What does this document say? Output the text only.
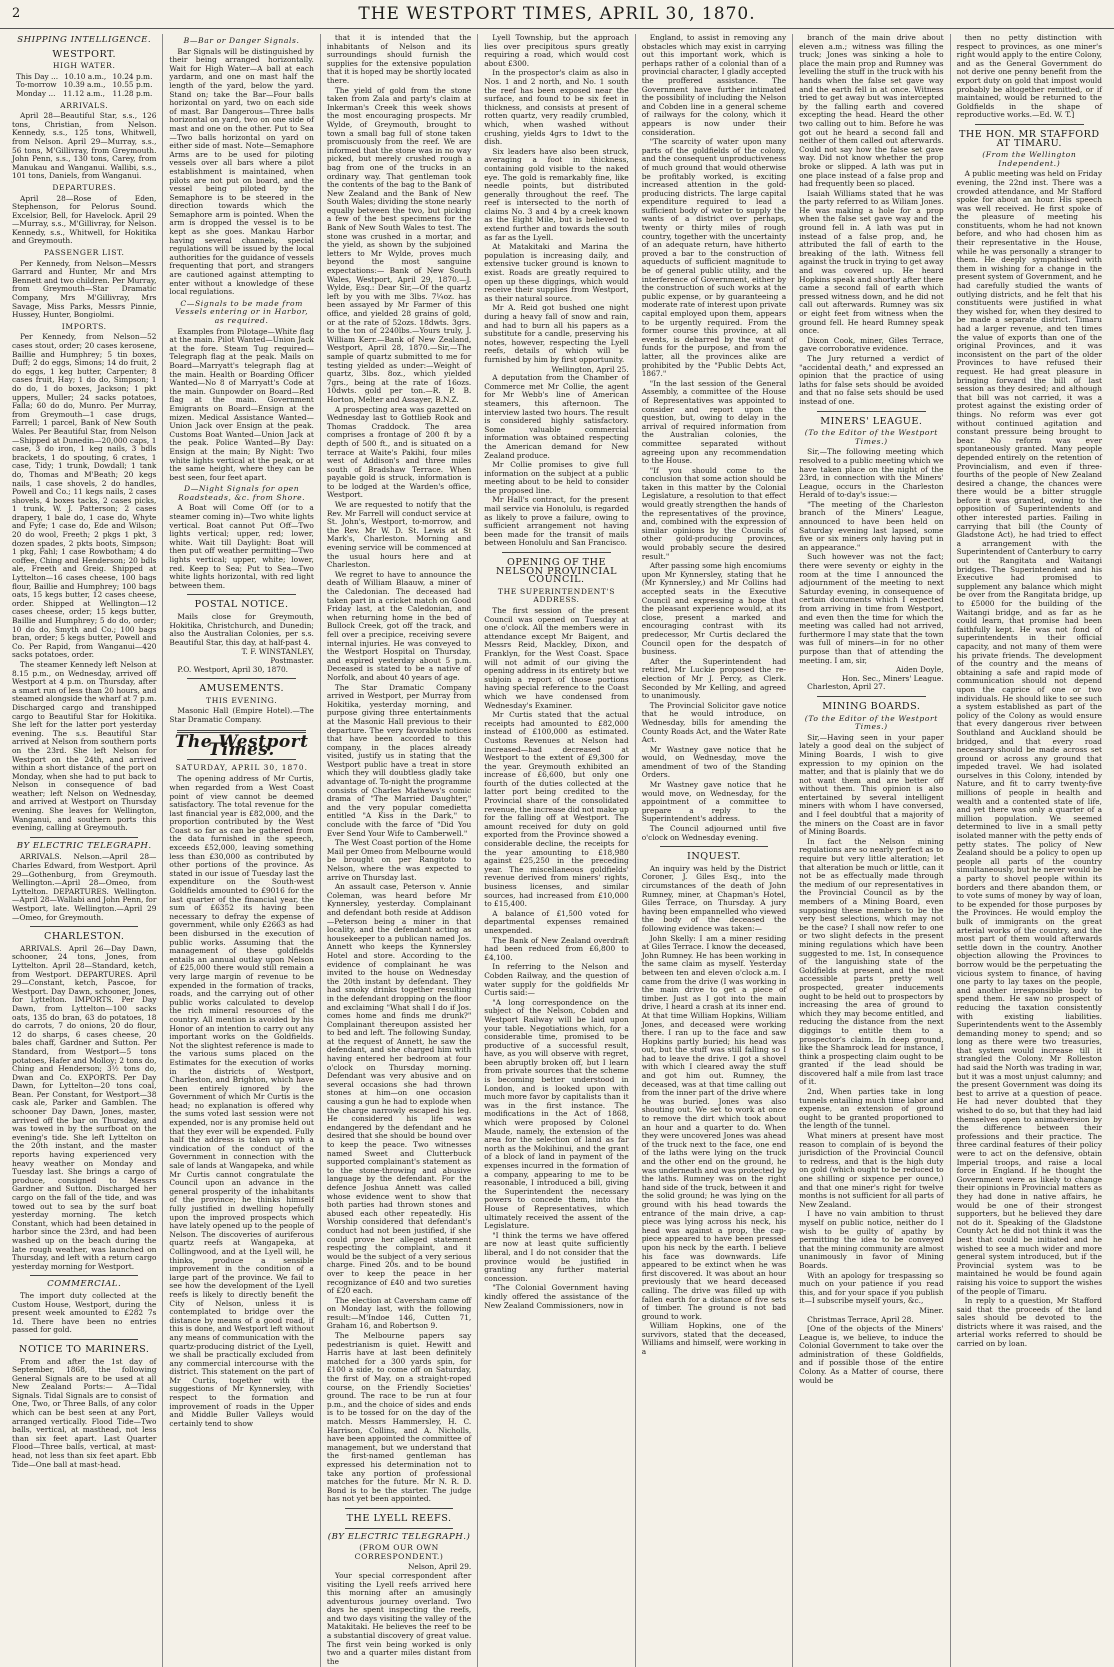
2	THE WESTPORT TIMES, APRIL 30, 1870.
SHIPPING INTELLIGENCE.
WESTPORT.
HIGH WATER.
This Day ... 10.10 a.m., 10.24 p.m.
To-morrow 10.39 a.m., 10.55 p.m.
Monday ... 11.12 a.m., 11.28 p.m.
ARRIVALS.

April 28—Beautiful Star, s.s., 126 tons, Christian, from Nelson. Kennedy, s.s., 125 tons, Whitwell, from Nelson. April 29—Murray, s.s., 56 tons, M'Gillivray, from Greymouth. John Penn, s.s., 130 tons, Carey, from Manukau and Wanganui. Wallibi, s.s., 101 tons, Daniels, from Wanganui.

DEPARTURES.

April 28—Rose of Eden, Stephenson, for Pelorus Sound. Excelsior, Bell, for Havelock. April 29—Murray, s.s., M'Gillivray, for Nelson. Kennedy, s.s., Whitwell, for Hokitika and Greymouth.

PASSENGER LIST.

Per Kennedy, from Nelson—Messrs Garrard and Hunter, Mr and Mrs Bennett and two children. Per Murray, from Greymouth—Star Dramatic Company, Mrs M'Gillivray, Mrs Savage, Miss Parks, Messrs Pinnie, Hussey, Hunter, Bongiolmi.

IMPORTS.

Per Kennedy, from Nelson—52 cases stout, order; 20 cases kerosene, Baillie and Humphrey; 5 tin boxes, Duff; 2 do eggs, Simons; 14 do fruit, 2 do eggs, 1 keg butter, Carpenter; 8 cases fruit, Hay; 1 do do, Simpson; 1 do do, 1 do boxes, Jackson; 1 pkt uppers, Muller; 24 sacks potatoes, Falla; 60 do do, Munro. Per Murray, from Greymouth—1 case drugs, Farrell; 1 parcel, Bank of New South Wales. Per Beautiful Star, from Nelson—Shipped at Dunedin—20,000 caps, 1 case, 3 do iron, 1 keg nails, 3 bdls brackets, 1 do spouting, 6 crates, 1 case, Tidy; 1 trunk, Dowdall; 1 tank do, Thomas and M'Beath; 20 kegs nails, 1 case shovels, 2 do handles, Powell and Co.; 11 kegs nails, 2 cases shovels, 4 boxes tacks, 2 cases picks, 1 trunk, W. J. Patterson; 2 cases drapery, 1 bale do, 1 case do, Whyte and Fyfe; 1 case do, Ede and Wilson; 20 do wool, Freeth; 2 pkgs 1 pkt, 3 dozen spades, 2 pkts boots, Simpson; 1 pkg, Fahl; 1 case Rowbotham; 4 do coffee, Ching and Henderson; 20 bdls ale, Freeth and Greig. Shipped at Lyttelton—16 cases cheese, 100 bags flour, Baillie and Humphrey; 100 bags oats, 15 kegs butter, 12 cases cheese, order. Shipped at Wellington—12 cases cheese, order; 15 kegs butter, Baillie and Humphrey; 5 do do, order; 10 do do, Smyth and Co.; 100 bags bran, order; 5 kegs butter, Powell and Co. Per Rapid, from Wanganui—420 sacks potatoes, order.

The steamer Kennedy left Nelson at 8.15 p.m., on Wednesday, arrived off Westport at 4 p.m. on Thursday, after a smart run of less than 20 hours, and steamed alongside the wharf at 7 p.m. Discharged cargo and transhipped cargo to Beautiful Star for Hokitika. She left for the latter port yesterday evening. The s.s. Beautiful Star arrived at Nelson from southern ports on the 23rd. She left Nelson for Westport on the 24th, and arrived within a short distance of the port on Monday, when she had to put back to Nelson in consequence of bad weather; left Nelson on Wednesday, and arrived at Westport on Thursday evening. She leaves for Wellington, Wanganui, and southern ports this evening, calling at Greymouth.

BY ELECTRIC TELEGRAPH.

ARRIVALS. Nelson.—April 28—Charles Edward, from Westport. April 29—Gothenburg, from Greymouth. Wellington.—April 28—Omeo, from Lyttelton. DEPARTURES. Wellington.—April 28—Wallabi and John Penn, for Westport, late. Wellington.—April 29—Omeo, for Greymouth.

CHARLESTON.

ARRIVALS. April 26—Day Dawn, schooner, 24 tons, Jones, from Lyttelton. April 28—Standard, ketch, from Westport. DEPARTURES. April 29—Constant, ketch, Pascoe, for Westport. Day Dawn, schooner, Jones, for Lyttelton. IMPORTS. Per Day Dawn, from Lyttelton—100 sacks oats, 135 do bran, 63 do potatoes, 18 do carrots, 7 do onions, 20 do flour, 12 do sharps, 6 cases cheese, 20 bales chaff, Gardner and Sutton. Per Standard, from Westport—5 tons potatoes, Hafer and Molloy; 2 tons do, Ching and Henderson; 3½ tons do, Dwan and Co. EXPORTS. Per Day Dawn, for Lyttelton—20 tons coal, Bean. Per Constant, for Westport—38 cask ale, Parker and Gamblen. The schooner Day Dawn, Jones, master, arrived off the bar on Thursday, and was towed in by the surfboat on the evening's tide. She left Lyttelton on the 20th instant, and the master reports having experienced very heavy weather on Monday and Tuesday last. She brings a cargo of produce, consigned to Messrs Gardner and Sutton. Discharged her cargo on the fall of the tide, and was towed out to sea by the surf boat yesterday morning. The ketch Constant, which had been detained in harbor since the 23rd, and had been washed up on the beach during the late rough weather, was launched on Thursday, and left with a return cargo yesterday morning for Westport.

COMMERCIAL.

The import duty collected at the Custom House, Westport, during the present week amounted to £282 7s 1d. There have been no entries passed for gold.

NOTICE TO MARINERS.

From and after the 1st day of September, 1868, the following General Signals are to be used at all New Zealand Ports:— A—Tidal Signals. Tidal Signals are to consist of One, Two, or Three Balls, of any color which can be best seen at any Port, arranged vertically. Flood Tide—Two balls, vertical, at masthead, not less than six feet apart. Last Quarter Flood—Three balls, vertical, at mast-head, not less than six feet apart. Ebb Tide—One ball at mast-head.

B—Bar or Danger Signals.

Bar Signals will be distinguished by their being arranged horizontally. Wait for High Water—A ball at each yardarm, and one on mast half the length of the yard, below the yard. Stand on; take the Bar—Four balls horizontal on yard, two on each side of mast. Bar Dangerous—Three balls horizontal on yard, two on one side of mast and one on the other. Put to Sea—Two balls horizontal on yard on either side of mast. Note—Semaphore Arms are to be used for piloting vessels over all bars where a pilot establishment is maintained, when pilots are not put on board, and the vessel being piloted by the Semaphore is to be steered in the direction towards which the Semaphore arm is pointed. When the arm is dropped the vessel is to be kept as she goes. Mankau Harbor having several channels, special regulations will be issued by the local authorities for the guidance of vessels frequenting that port, and strangers are cautioned against attempting to enter without a knowledge of these local regulations.

C—Signals to be made from Vessels entering or in Harbor, as required.

Examples from Pilotage—White flag at the main. Pilot Wanted—Union Jack at the fore. Steam Tug required—Telegraph flag at the peak. Mails on Board—Marryatt's telegraph flag at the main. Health or Boarding Officer Wanted—No 8 of Marryatt's Code at the main. Gunpowder on Board—Red flag at the main. Government Emigrants on Board—Ensign at the mizen. Medical Assistance Wanted—Union Jack over Ensign at the peak. Customs Boat Wanted—Union Jack at the peak. Police Wanted—By Day: Ensign at the main; By Night: Two white lights vertical at the peak, or at the same height, where they can be best seen, four feet apart.

D—Night Signals for open Roadsteads, &c. from Shore.

A Boat will Come Off (or to a steamer coming in)—Two white lights vertical. Boat cannot Put Off—Two lights vertical; upper, red; lower, white. Wait till Daylight: Boat will then put off weather permitting—Two lights vertical; upper, white; lower, red. Keep to Sea; Put to Sea—Two white lights horizontal, with red light between them.

POSTAL NOTICE.

Mails close for Greymouth, Hokitika, Christchurch, and Dunedin; also the Australian Colonies, per s.s. Beautiful Star, this day, at half-past 4.

T. F. WINSTANLEY,
Postmaster.

P.O. Westport, April 30, 1870.

AMUSEMENTS.
THIS EVENING.

Masonic Hall (Empire Hotel).—The Star Dramatic Company.

The Westport Times.
SATURDAY, APRIL 30, 1870.

The opening address of Mr Curtis, when regarded from a West Coast point of view cannot be deemed satisfactory. The total revenue for the last financial year is £82,000, and the proportion contributed by the West Coast so far as can be gathered from the data furnished in the speech, exceeds £52,000, leaving something less than £30,000 as contributed by other portions of the province. As stated in our issue of Tuesday last the expenditure on the South-west Goldfields amounted to £9016 for the last quarter of the financial year, the sum of £6352 its having been necessary to defray the expense of government, while only £2663 as had been disbursed in the execution of public works. Assuming that the management of these goldfields entails an annual outlay upon Nelson of £25,000 there would still remain a very large margin of revenue to be expended in the formation of tracks, roads, and the carrying out of other public works calculated to develop the rich mineral resources of the country. All mention is avoided by his Honor of an intention to carry out any important works on the Goldfields. Not the slightest reference is made to the various sums placed on the Estimates for the execution of works in the districts of Westport, Charleston, and Brighton, which have been entirely ignored by the Government of which Mr Curtis is the head; no explanation is offered why the sums voted last session were not expended, nor is any promise held out that they ever will be expended. Fully half the address is taken up with a vindication of the conduct of the Government in connection with the sale of lands at Wangapeka, and while Mr Curtis cannot congratulate the Council upon an advance in the general prosperity of the inhabitants of the province; he thinks himself fully justified in dwelling hopefully upon the improved prospects which have lately opened up to the people of Nelson. The discoveries of auriferous quartz reefs at Wangapeka, at Collingwood, and at the Lyell will, he thinks, produce a sensible improvement in the condition of a large part of the province. We fail to see how the development of the Lyell reefs is likely to directly benefit the City of Nelson, unless it is contemplated to bridge over the distance by means of a good road, if this is done, and Westport left without any means of communication with the quartz-producing district of the Lyell, we shall be practically excluded from any commercial intercourse with the district. This statement on the part of Mr Curtis, together with the suggestions of Mr Kynnersley, with respect to the formation and improvement of roads in the Upper and Middle Buller Valleys would certainly tend to show

that it is intended that the inhabitants of Nelson and its surroundings should furnish the supplies for the extensive population that it is hoped may be shortly located there.

The yield of gold from the stone taken from Zala and party's claim at Inkerman's Creek this week shows the most encouraging prospects. Mr Wylde, of Greymouth, brought to town a small bag full of stone taken promiscuously from the reef. We are informed that the stone was in no way picked, but merely crushed rough a bag from one of the trucks in an ordinary way. That gentleman took the contents of the bag to the Bank of New Zealand and the Bank of New South Wales; dividing the stone nearly equally between the two, but picking a few of the best specimens for the Bank of New South Wales to test. The stone was crushed in a mortar, and the yield, as shown by the subjoined letters to Mr Wylde, proves much beyond the most sanguine expectations:— Bank of New South Wales, Westport, April 29, 1870.—J. Wylde, Esq.: Dear Sir,—Of the quartz left by you with me 3lbs. 7¼oz. has been assayed by Mr Farmer of this office, and yielded 28 grains of gold, or at the rate of 52ozs. 18dwts. 3grs. to the ton of 2240lbs.—Yours truly, J. William Kerr.—Bank of New Zealand, Westport, April 28, 1870.—Sir,—The sample of quartz submitted to me for testing yielded as under:—Weight of quartz, 3lbs. 8oz., which yielded 7grs., being at the rate of 16ozs. 10dwts. gold per ton.—R. P. B. Horton, Melter and Assayer, B.N.Z.

A prospecting area was gazetted on Wednesday last to Gottlieb Rook and Thomas Craddock. The area comprises a frontage of 200 ft by a depth of 500 ft., and is situated on a terrace at Waite's Pakihi, four miles west of Addison's and three miles south of Bradshaw Terrace. When payable gold is struck, information is to be lodged at the Warden's office, Westport.

We are requested to notify that the Rev. Mr Farrell will conduct service at St. John's, Westport, to-morrow, and the Rev. Mr W. D. St. Lewis at St Mark's, Charleston. Morning and evening service will be commenced at the usual hours here and at Charleston.

We regret to have to announce the death of William Blaauw, a miner of the Caledonian. The deceased had taken part in a cricket match on Good Friday last, at the Caledonian, and when returning home in the bed of Bullock Creek, got off the track, and fell over a precipice, receiving severe internal injuries. He was conveyed to the Westport Hospital on Thursday, and expired yesterday about 5 p.m. Deceased is stated to be a native of Norfolk, and about 40 years of age.

The Star Dramatic Company arrived in Westport, per Murray from Hokitika, yesterday morning, and purpose giving three entertainments at the Masonic Hall previous to their departure. The very favorable notices that have been accorded to this company, in the places already visited, justify us in stating that the Westport public have a treat in store which they will doubtless gladly take advantage of. To-night the programme consists of Charles Mathews's comic drama of "The Married Daughter," and the very popular comedietta entitled "A Kiss in the Dark," to conclude with the farce of "Did You Ever Send Your Wife to Camberwell."

The West Coast portion of the Home Mail per Omeo from Melbourne would be brought on per Rangitoto to Nelson, where the was expected to arrive on Thursday last.

An assault case, Peterson v. Annie Coleman, was heard before Mr Kynnersley, yesterday. Complainant and defendant both reside at Addison—Peterson being a miner in that locality, and the defendant acting as housekeeper to a publican named Jos. Annett who keeps the Kynnersley Hotel and store. According to the evidence of complainant he was invited to the house on Wednesday the 20th instant by defendant. They had smoky drinks together resulting in the defendant dropping on the floor and exclaiming "What shall I do if Jos. comes home and finds me drunk?" Complainant thereupon assisted her to bed and left. The following Sunday, at the request of Annett, he saw the defendant, and she charged him with having entered her bedroom at four o'clock on Thursday morning. Defendant was very abusive and on several occasions she had thrown stones at him—on one occasion causing a gun he had to explode when the charge narrowly escaped his leg. He considered his life was endangered by the defendant and he desired that she should be bound over to keep the peace. Two witnesses named Sweet and Clutterbuck supported complainant's statement as to the stone-throwing and abusive language by the defendant. For the defence Joshua Annett was called whose evidence went to show that both parties had thrown stones and abused each other repeatedly. His Worship considered that defendant's conduct had not been justified, if she could prove her alleged statement respecting the complaint, and it would be the subject of a very serious charge. Fined 20s. and to be bound over to keep the peace in her recognizance of £40 and two sureties of £20 each.

The election at Caversham came off on Monday last, with the following result:—M'Indoe 146, Cutten 71, Graham 16, and Robertson 9.

The Melbourne papers say pedestrianism is quiet. Hewitt and Harris have at last been definitely matched for a 300 yards spin, for £100 a side, to come off on Saturday, the first of May, on a straight-roped course, on the Friendly Societies' ground. The race to be run at four p.m., and the choice of sides and ends is to be tossed for on the day of the match. Messrs Hammersley, H. C. Harrison, Collins, and A. Nicholls, have been appointed the committee of management, but we understand that the first-named gentleman has expressed his determination not to take any portion of professional matches for the future. Mr N. R. D. Bond is to be the starter. The judge has not yet been appointed.

THE LYELL REEFS.
(BY ELECTRIC TELEGRAPH.)
(FROM OUR OWN CORRESPONDENT.)
Nelson, April 29.

Your special correspondent after visiting the Lyell reefs arrived here this morning after an amusingly adventurous journey overland. Two days he spent inspecting the reefs, and two days visiting the valley of the Matakitaki. He believes the reef to be a substantial discovery of great value. The first vein being worked is only two and a quarter miles distant from the

Lyell Township, but the approach lies over precipitous spurs greatly requiring a road, which would cost about £300.

In the prospector's claim as also in Nos. 1 and 2 north, and No. 1 south the reef has been exposed near the surface, and found to be six feet in thickness, and consists at present of rotten quartz, very readily crumbled, which, when washed without crushing, yields 4grs to 1dwt to the dish.

Six leaders have also been struck, averaging a foot in thickness, containing gold visible to the naked eye. The gold is remarkably fine, like needle points, but distributed generally throughout the reef. The reef is intersected to the north of claims No. 3 and 4 by a creek known as the Eight Mile, but is believed to extend further and towards the south as far as the Lyell.

At Matakitaki and Marina the population is increasing daily, and extensive tucker ground is known to exist. Roads are greatly required to open up these diggings, which would receive their supplies from Westport, as their natural source.

Mr A. Reid got bushed one night during a heavy fall of snow and rain, and had to burn all his papers as a substitute for a candle, preserving his notes, however, respecting the Lyell reefs, details of which will be furnished by him by first opportunity.

Wellington, April 25.

A deputation from the Chamber of Commerce met Mr Collie, the agent for Mr Webb's line of American steamers, this afternoon. The interview lasted two hours. The result is considered highly satisfactory. Some valuable commercial information was obtained respecting the American demand for New Zealand produce.

Mr Collie promises to give full information on the subject at a public meeting about to be held to consider the proposed line.

Mr Hall's contract, for the present mail service via Honolulu, is regarded as likely to prove a failure, owing to sufficient arrangement not having been made for the transit of mails between Honolulu and San Francisco.

OPENING OF THE NELSON PROVINCIAL COUNCIL.
THE SUPERINTENDENT'S ADDRESS.

The first session of the present Council was opened on Tuesday at one o'clock. All the members were in attendance except Mr Baigent, and Messrs Reid, Mackley, Dixon, and Franklyn, for the West Coast. Space will not admit of our giving the opening address in its entirety but we subjoin a report of those portions having special reference to the Coast which we have condensed from Wednesday's Examiner.

Mr Curtis stated that the actual receipts had amounted to £82,000 instead of £100,000 as estimated. Customs Revenues at Nelson had increased—had decreased at Westport to the extent of £9,300 for the year. Greymouth exhibited an increase of £6,600, but only one fourth of the duties collected at the latter port being credited to the Provincial share of the consolidated revenue, the increase did not make up for the falling off at Westport. The amount received for duty on gold exported from the Province showed a considerable decline, the receipts for the year amounting to £18,980 against £25,250 in the preceding year. The miscellaneous goldfields' revenue derived from miners' rights, business licenses, and similar sources, had increased from £10,000 to £15,400.

A balance of £1,500 voted for departmental expenses remained unexpended.

The Bank of New Zealand overdraft had been reduced from £6,800 to £4,100.

In referring to the Nelson and Cobden Railway, and the question of water supply for the goldfields Mr Curtis said:—

"A long correspondence on the subject of the Nelson, Cobden and Westport Railway will be laid upon your table. Negotiations which, for a considerable time, promised to be productive of a successful result, have, as you will observe with regret, been abruptly broken off, but I learn from private sources that the scheme is becoming better understood in London, and is looked upon with much more favor by capitalists than it was in the first instance. The modifications in the Act of 1868, which were proposed by Colonel Maude, namely, the extension of the area for the selection of land as far north as the Mokihinui, and the grant of a block of land in payment of the expenses incurred in the formation of a company, appearing to me to be reasonable, I introduced a bill, giving the Superintendent the necessary powers to concede them, into the House of Representatives, which ultimately received the assent of the Legislature.

"I think the terms we have offered are now at least quite sufficiently liberal, and I do not consider that the province would be justified in granting any further material concession.

"The Colonial Government having kindly offered the assistance of the New Zealand Commissioners, now in

England, to assist in removing any obstacles which may exist in carrying out this important work, which is perhaps rather of a colonial than of a provincial character, I gladly accepted the proffered assistance. The Government have further intimated the possibility of including the Nelson and Cobden line in a general scheme of railways for the colony, which it appears is now under their consideration.

"The scarcity of water upon many parts of the goldfields of the colony, and the consequent unproductiveness of much ground that would otherwise be profitably worked, is exciting increased attention in the gold-producing districts. The large capital expenditure required to lead a sufficient body of water to supply the wants of a district over perhaps, twenty or thirty miles of rough country, together with the uncertainty of an adequate return, have hitherto proved a bar to the construction of aqueducts of sufficient magnitude to be of general public utility, and the interference of Government, either by the construction of such works at the public expense, or by guaranteeing a moderate rate of interest upon private capital employed upon them, appears to be urgently required. From the former course this province, at all events, is debarred by the want of funds for the purpose, and from the latter, all the provinces alike are prohibited by the "Public Debts Act, 1867."

"In the last session of the General Assembly, a committee of the House of Representatives was appointed to consider and report upon the question, but, owing to delay in the arrival of required information from the Australian colonies, the committee separated without agreeing upon any recommendation to the House.

"If you should come to the conclusion that some action should be taken in this matter by the Colonial Legislature, a resolution to that effect would greatly strengthen the hands of the representatives of the province, and, combined with the expression of similar opinions by the Councils of other gold-producing provinces, would probably secure the desired result."

After passing some high encomiums upon Mr Kynnersley, stating that he (Mr Kynnersley,) and Mr Collins had accepted seats in the Executive Council and expressing a hope that the pleasant experience would, at its close, present a marked and encouraging contrast with its predecessor, Mr Curtis declared the Council open for the despatch of business.

After the Superintendent had retired, Mr Luckie proposed the re-election of Mr J. Percy, as Clerk. Seconded by Mr Kelling, and agreed to unanimously.

The Provincial Solicitor gave notice that he would introduce, on Wednesday, bills for amending the County Roads Act, and the Water Rate Act.

Mr Wastney gave notice that he would, on Wednesday, move the amendment of two of the Standing Orders.

Mr Wastney gave notice that he would move, on Wednesday, for the appointment of a committee to prepare a reply to the Superintendent's address.

The Council adjourned until five o'clock on Wednesday evening.

INQUEST.

An inquiry was held by the District Coroner, J. Giles Esq., into the circumstances of the death of John Rumney, miner, at Chapman's Hotel, Giles Terrace, on Thursday. A jury having been empannelled who viewed the body of the deceased the following evidence was taken:—

John Skelly: I am a miner residing at Giles Terrace. I know the deceased, John Rumney. He has been working in the same claim as myself. Yesterday between ten and eleven o'clock a.m. I came from the drive (I was working in the main drive to get a piece of timber. Just as I got into the main drive, I heard a crash at its inner end. At that time William Hopkins, William Jones, and deceased were working there. I ran up to the face and saw Hopkins partly buried; his head was out, but the stuff was still falling so I had to leave the drive. I got a shovel with which I cleared away the stuff and got him out. Rumney, the deceased, was at that time calling out from the inner part of the drive where he was buried. Jones was also shouting out. We set to work at once to remove the dirt which took about an hour and a quarter to do. When they were uncovered Jones was ahead of the truck next to the face, one end of the laths were lying on the truck and the other end on the ground, he was underneath and was protected by the laths. Rumney was on the right hand side of the truck, between it and the solid ground; he was lying on the ground with his head towards the entrance of the main drive, a cap-piece was lying across his neck, his head was against a prop, the cap-piece appeared to have been pressed upon his neck by the earth. I believe his face was downwards. Life appeared to be extinct when he was first discovered. It was about an hour previously that we heard deceased calling. The drive was filled up with fallen earth for a distance of five sets of timber. The ground is not bad ground to work.

William Hopkins, one of the survivors, stated that the deceased, Williams and himself, were working in a

branch of the main drive about eleven a.m.; witness was filling the truck; Jones was sinking a hole to place the main prop and Rumney was levelling the stuff in the truck with his hands when the false set gave way and the earth fell in at once. Witness tried to get away but was intercepted by the falling earth and covered excepting the head. Heard the other two calling out to him. Before he was got out he heard a second fall and neither of them called out afterwards. Could not say how the false set gave way. Did not know whether the prop broke or slipped. A lath was put in one place instead of a false prop and had frequently been so placed.

Isaiah Williams stated that he was the party referred to as Wiliam Jones. He was making a hole for a prop when the false set gave way and the ground fell in. A lath was put in instead of a false prop, and, he attributed the fall of earth to the breaking of the lath. Witness fell against the truck in trying to get away and was covered up. He heard Hopkins speak and shortly after there came a second fall of earth which pressed witness down, and he did not call out afterwards. Rumney was six or eight feet from witness when the ground fell. He heard Rumney speak once.

Dixon Cook, miner, Giles Terrace, gave corroborative evidence.

The Jury returned a verdict of "accidental death," and expressed an opinion that the practice of using laths for false sets should be avoided and that no false sets should be used instead of one.

MINERS' LEAGUE.
(To the Editor of the Westport Times.)

Sir,—The following meeting which resolved to a public meeting which we have taken place on the night of the 23rd, in connection with the Miners' League, occurs in the Charleston Herald of to-day's issue:—

"The meeting of the Charleston branch of the Miners' League, announced to have been held on Saturday evening last lapsed, some five or six miners only having put in an appearance."

Such however was not the fact; there were seventy or eighty in the room at the time I announced the adjournment of the meeting to next Saturday evening, in consequence of certain documents which I expected from arriving in time from Westport, and even then the time for which the meeting was called had not arrived, furthermore I may state that the town was full of miners—in for no other purpose than that of attending the meeting. I am, sir,

Aiden Doyle,
Hon. Sec., Miners' League.

Charleston, April 27.

MINING BOARDS.
(To the Editor of the Westport Times.)

Sir,—Having seen in your paper lately a good deal on the subject of Mining Boards, I wish to give expression to my opinion on the matter, and that is plainly that we do not want them and are better off without them. This opinion is also entertained by several intelligent miners with whom I have conversed, and I feel doubtful that a majority of the miners on the Coast are in favor of Mining Boards.

In fact the Nelson mining regulations are so nearly perfect as to require but very little alteration; let that alteration be much or little, can it not be as effectually made through the medium of our representatives in the Provincial Council as by the members of a Mining Board, even supposing these members to be the very best selections, which may not be the case? I shall now refer to one or two slight defects in the present mining regulations which have been suggested to me. 1st, In consequence of the languishing state of the Goldfields at present, and the most accessible parts pretty well prospected, greater inducements ought to be held out to prospectors by increasing the area of ground to which they may become entitled, and reducing the distance from the next diggings to entitle them to a prospector's claim. In deep ground, like the Shamrock lead for instance, I think a prospecting claim ought to be granted if the lead should be discovered half a mile from last trace of it.

2nd, When parties take in long tunnels entailing much time labor and expense, an extension of ground ought to be granted proportioned to the length of the tunnel.

What miners at present have most reason to complain of is beyond the jurisdiction of the Provincial Council to redress, and that is the high duty on gold (which ought to be reduced to one shilling or sixpence per ounce,) and that one miner's right for twelve months is not sufficient for all parts of New Zealand.

I have no vain ambition to thrust myself on public notice, neither do I wish to be guilty of apathy by permitting the idea to be conveyed that the mining community are almost unanimously in favor of Mining Boards.

With an apology for trespassing so much on your patience if you read this, and for your space if you publish it—I subscribe myself yours, &c.,

Miner.

Christmas Terrace, April 28.

[One of the objects of the Miners' League is, we believe, to induce the Colonial Government to take over the administration of these Goldfields, and if possible those of the entire Colony. As a Matter of course, there would be

then no petty distinction with respect to provinces, as one miner's right would apply to the entire Colony, and as the General Government do not derive one penny benefit from the export duty on gold that impost would probably be altogether remitted, or if maintained, would be returned to the Goldfields in the shape of reproductive works.—Ed. W. T.]

THE HON. MR STAFFORD AT TIMARU.
(From the Wellington Independent.)

A public meeting was held on Friday evening, the 22nd inst. There was a crowded attendance, and Mr Stafford spoke for about an hour. His speech was well received. He first spoke of the pleasure of meeting his constituents, whom he had not known before, and who had chosen him as their representative in the House, while he was personally a stranger to them. He deeply sympathised with them in wishing for a change in the present system of Government, and he had carefully studied the wants of outlying districts, and he felt that his constituents were justified in what they wished for, when they desired to be made a separate district. Timaru had a larger revenue, and ten times the value of exports than one of the original Provinces, and it was inconsistent on the part of the older Provinces to have refused their request. He had great pleasure in bringing forward the bill of last session as they desired; and although that bill was not carried, it was a protest against the existing order of things. No reform was ever got without continued agitation and constant pressure being brought to bear. No reform was ever spontaneously granted. Many people depended entirely on the retention of Provincialism, and even if three-fourths of the people of New Zealand desired a change, the chances were there would be a bitter struggle before it was granted, owing to the opposition of Superintendents and other interested parties. Failing in carrying that bill (the County of Gladstone Act), he had tried to effect a arrangement with the Superintendent of Canterbury to carry out the Rangitata and Waitangi bridges. The Superintendent and his Executive had promised to supplement any balance which might be over from the Rangitata bridge, up to £5000 for the building of the Waitangi bridge, and as far as he could learn, that promise had been faithfully kept. He was not fond of superintendents in their official capacity, and not many of them were his private friends. The development of the country and the means of obtaining a safe and rapid mode of communication should not depend upon the caprice of one or two individuals. He should like to see such a system established as part of the policy of the Colony as would ensure that every dangerous river between Southland and Auckland should be bridged, and that every road necessary should be made across set ground or across any ground that impeded travel. We had isolated ourselves in this Colony, intended by Nature, and fit to carry twenty-five millions of people in health and wealth and a contented state of life, and yet there was only a quarter of a million population. We seemed determined to live in a small petty isolated manner with the petty ends of petty states. The policy of New Zealand should be a policy to open up people all parts of the country simultaneously, but he never would be a party to shovel people within its borders and there abandon them, or to vote sums of money by way of loan, to be expended for those purposes by the Provinces. He would employ the bulk of immigrants on the great arterial works of the country, and the most part of them would afterwards settle down in the country. Another objection allowing the Provinces to borrow would be the perpetuating the vicious system to finance, of having one party to lay taxes on the people, and another irresponsible body to spend them. He saw no prospect of reducing the taxation consistently with existing liabilities. Superintendents went to the Assembly demanding money to spend; and so long as there were two treasuries, that system would increase till it strangled the Colony. Mr Rolleston had said the North was trading in war, but it was a most unjust calumny; and the present Government was doing its best to arrive at a question of peace. He had never doubted that they wished to do so, but that they had laid themselves open to animadversion by the difference between their professions and their practice. The three cardinal features of their policy were to act on the defensive, obtain Imperial troops, and raise a local force in England. If he thought the Government were as likely to change their opinions in Provincial matters as they had done in native affairs, he would be one of their strongest supporters, but he believed they dare not do it. Speaking of the Gladstone County Act he did not think it was the best that could be initiated and he wished to see a much wider and more general system introduced, but if the Provincial system was to be maintained he would be found again raising his voice to support the wishes of the people of Timaru.

In reply to a question, Mr Stafford said that the proceeds of the land sales should be devoted to the districts where it was raised, and the arterial works referred to should be carried on by loan.
